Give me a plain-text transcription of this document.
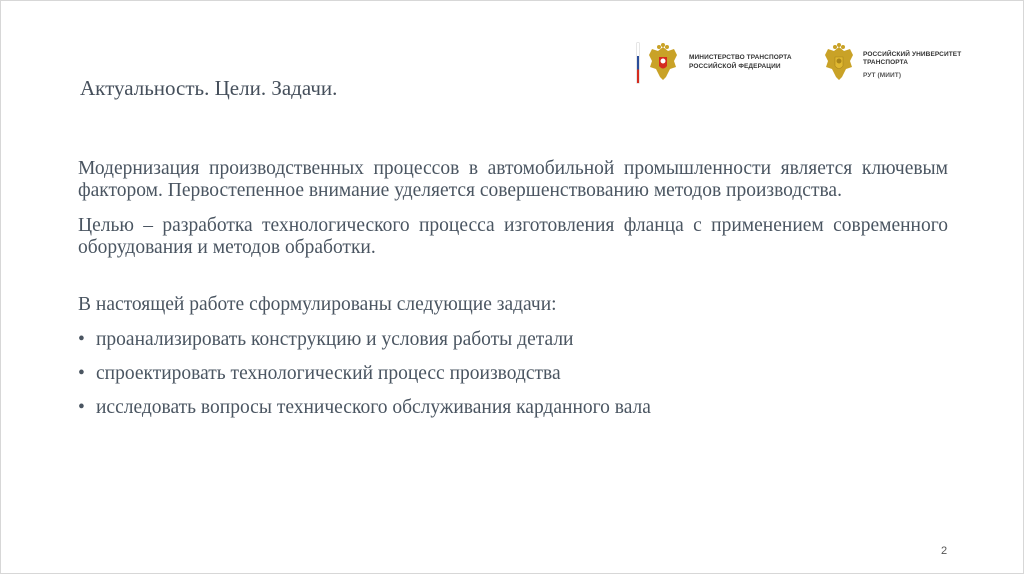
МИНИСТЕРСТВО ТРАНСПОРТА
РОССИЙСКОЙ ФЕДЕРАЦИИ
РОССИЙСКИЙ УНИВЕРСИТЕТ
ТРАНСПОРТА
РУТ (МИИТ)
Актуальность. Цели. Задачи.

Модернизация производственных процессов в автомобильной промышленности является ключевым фактором. Первостепенное внимание уделяется совершенствованию методов производства.

Целью – разработка технологического процесса изготовления фланца с применением современного оборудования и методов обработки.

В настоящей работе сформулированы следующие задачи:

• проанализировать конструкцию и условия работы детали
• спроектировать технологический процесс производства
• исследовать вопросы технического обслуживания карданного вала
2
